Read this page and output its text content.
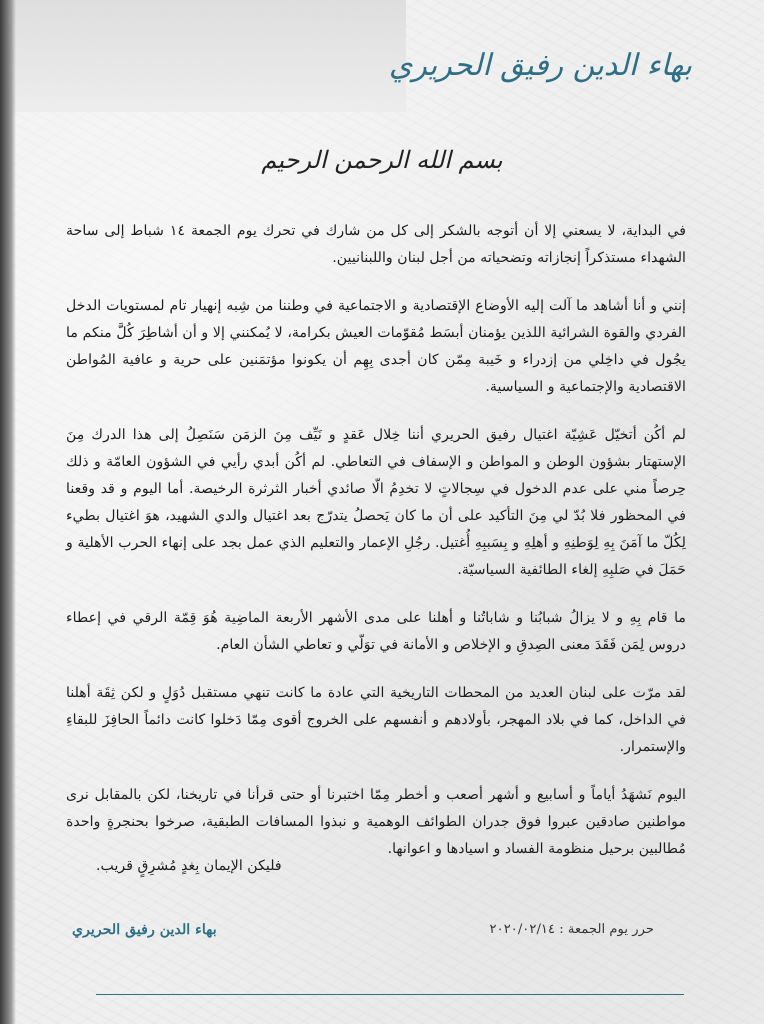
بهاء الدين رفيق الحريري
بسم الله الرحمن الرحيم

في البداية، لا يسعني إلا أن أتوجه بالشكر إلى كل من شارك في تحرك يوم الجمعة ١٤ شباط إلى ساحة الشهداء مستذكراً إنجازاته وتضحياته من أجل لبنان واللبنانيين.

إنني و أنا أشاهد ما آلت إليه الأوضاع الإقتصادية و الاجتماعية في وطننا من شِبه إنهيار تام لمستويات الدخل الفردي والقوة الشرائية اللذين يؤمنان أبسَط مُقوّمات العيش بكرامة، لا يُمكنني إلا و أن أشاطِرَ كُلَّ منكم ما يجُول في داخِلي من إزدراء و خَيبة مِمّن كان أجدى بِهِم أن يكونوا مؤتمَنين على حرية و عافية المُواطن الاقتصادية والإجتماعية و السياسية.

لم أكُن أتخيّل عَشِيّة اغتيال رفيق الحريري أننا خِلال عَقدٍ و نَيِّف مِنَ الزمَن سَنَصِلُ إلى هذا الدرك مِنَ الإستهتار بشؤون الوطن و المواطن و الإسفاف في التعاطي. لم أكُن أبدي رأيي في الشؤون العامّة و ذلك حِرصاً مني على عدم الدخول في سِجالاتٍ لا تخدِمُ الّا صائدي أخبار الثرثرة الرخيصة. أما اليوم و قد وقعنا في المحظور فلا بُدّ لي مِنَ التأكيد على أن ما كان يَحصلُ يتدرّج بعد اغتيال والدي الشهيد، هوَ اغتيال بطيء لِكُلّ ما آمَنَ بِهِ لِوَطنِهِ و أهلِهِ و بِسَببِهِ أُغتيل. رجُلِ الإعمار والتعليم الذي عمل بجد على إنهاء الحرب الأهلية و حَمَلَ في صَلبِهِ إلغاء الطائفية السياسيّة.

ما قام بِهِ و لا يزالُ شبابُنا و شاباتُنا و أهلنا على مدى الأشهر الأربعة الماضِية هُوَ قِمّة الرقي في إعطاء دروس لِمَن فَقَدَ معنى الصِدقِ و الإخلاص و الأمانة في توَلّي و تعاطي الشأن العام.

لقد مرّت على لبنان العديد من المحطات التاريخية التي عادة ما كانت تنهي مستقبل دُوَلٍ و لكن ثِقَة أهلنا في الداخل، كما في بلاد المهجر، بأولادهم و أنفسهم على الخروج أقوى مِمّا دَخلوا كانت دائماً الحافِزَ للبقاءِ والإستمرار.

اليوم نَشهَدُ أياماً و أسابيع و أشهر أصعب و أخطر مِمّا اختبرنا أو حتى قرأنا في تاريخنا، لكن بالمقابل نرى مواطنين صادقين عبروا فوق جدران الطوائف الوهمية و نبذوا المسافات الطبقية، صرخوا بحنجرةٍ واحدة مُطالبين برحيل منظومة الفساد و اسيادها و اعوانها.

فليكن الإيمان بِغدٍ مُشرِقٍ قريب.
حرر يوم الجمعة : ٢٠٢٠/٠٢/١٤
بهاء الدين رفيق الحريري
